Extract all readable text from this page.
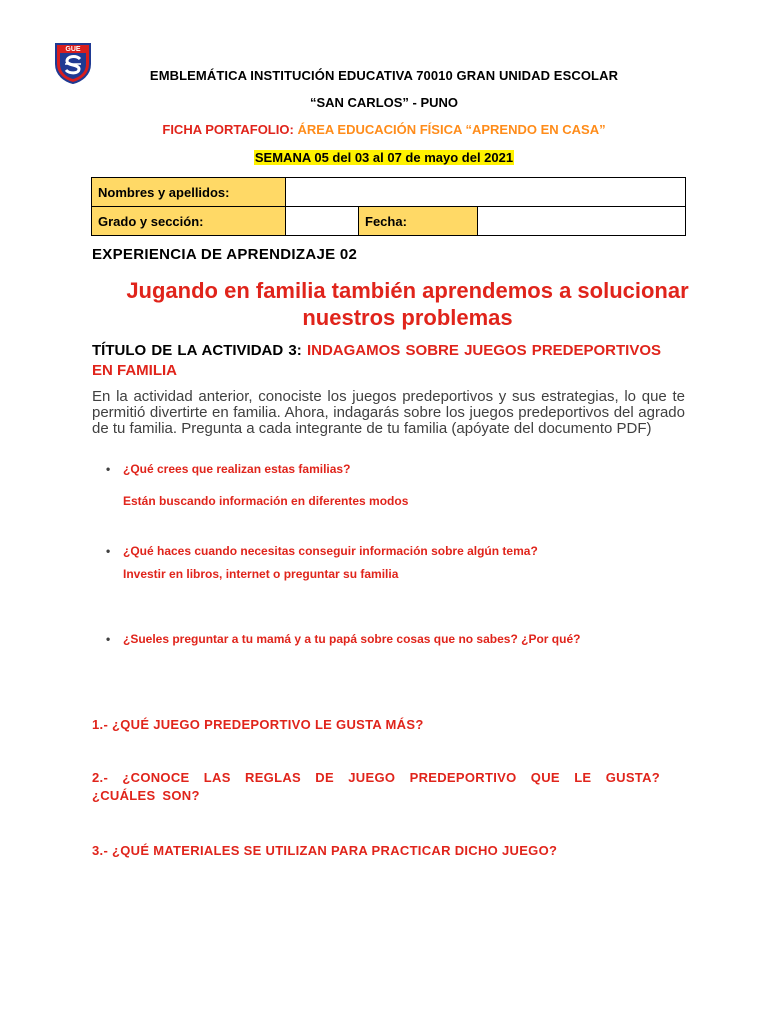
GUE
EMBLEMÁTICA INSTITUCIÓN EDUCATIVA 70010 GRAN UNIDAD ESCOLAR
“SAN CARLOS” - PUNO
FICHA PORTAFOLIO: ÁREA EDUCACIÓN FÍSICA “APRENDO EN CASA”
SEMANA 05 del 03 al 07 de mayo del 2021
Nombres y apellidos:			
Grado y sección:		Fecha:	
EXPERIENCIA DE APRENDIZAJE 02
Jugando en familia también aprendemos a solucionar nuestros problemas
TÍTULO DE LA ACTIVIDAD 3: INDAGAMOS SOBRE JUEGOS PREDEPORTIVOS EN FAMILIA
En la actividad anterior, conociste los juegos predeportivos y sus estrategias, lo que te permitió divertirte en familia. Ahora, indagarás sobre los juegos predeportivos del agrado de tu familia. Pregunta a cada integrante de tu familia (apóyate del documento PDF)
• ¿Qué crees que realizan estas familias?
Están buscando información en diferentes modos
• ¿Qué haces cuando necesitas conseguir información sobre algún tema?
Investir en libros, internet o preguntar su familia
• ¿Sueles preguntar a tu mamá y a tu papá sobre cosas que no sabes? ¿Por qué?
1.- ¿QUÉ JUEGO PREDEPORTIVO LE GUSTA MÁS?
2.- ¿CONOCE LAS REGLAS DE JUEGO PREDEPORTIVO QUE LE GUSTA? ¿CUÁLES SON?
3.- ¿QUÉ MATERIALES SE UTILIZAN PARA PRACTICAR DICHO JUEGO?
